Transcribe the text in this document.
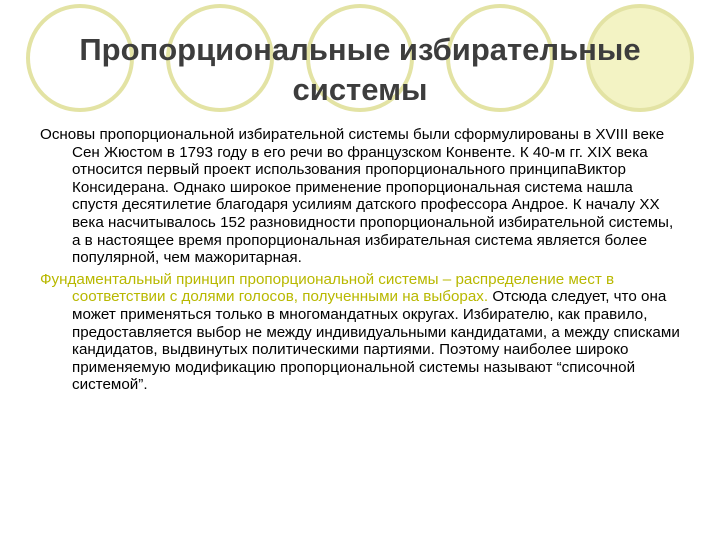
Пропорциональные избирательные системы

Основы пропорциональной избирательной системы были сформулированы в XVIII веке Сен Жюстом в 1793 году в его речи во французском Конвенте. К 40-м гг. XIX века относится первый проект использования пропорционального принципаВиктор Консидерана. Однако широкое применение пропорциональная система нашла спустя десятилетие благодаря усилиям датского профессора Андрое. К началу XX века насчитывалось 152 разновидности пропорциональной избирательной системы, а в настоящее время пропорциональная избирательная система является более популярной, чем мажоритарная.

Фундаментальный принцип пропорциональной системы – распределение мест в соответствии с долями голосов, полученными на выборах. Отсюда следует, что она может применяться только в многомандатных округах. Избирателю, как правило, предоставляется выбор не между индивидуальными кандидатами, а между списками кандидатов, выдвинутых политическими партиями. Поэтому наиболее широко применяемую модификацию пропорциональной системы называют “списочной системой”.
